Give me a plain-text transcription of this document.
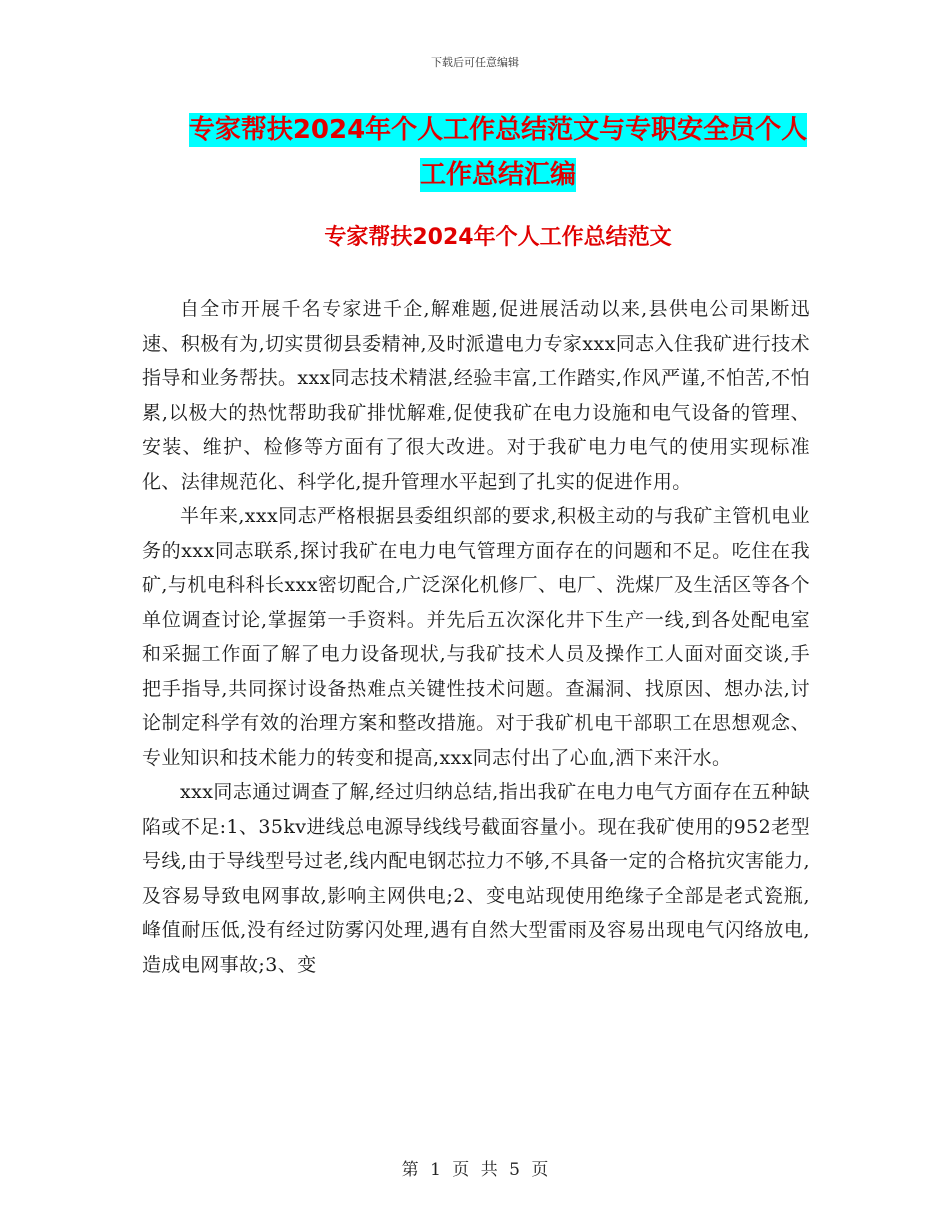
下载后可任意编辑
专家帮扶2024年个人工作总结范文与专职安全员个人
工作总结汇编
专家帮扶2024年个人工作总结范文

自全市开展千名专家进千企,解难题,促进展活动以来,县供电公司果断迅速、积极有为,切实贯彻县委精神,及时派遣电力专家xxx同志入住我矿进行技术指导和业务帮扶。xxx同志技术精湛,经验丰富,工作踏实,作风严谨,不怕苦,不怕累,以极大的热忱帮助我矿排忧解难,促使我矿在电力设施和电气设备的管理、安装、维护、检修等方面有了很大改进。对于我矿电力电气的使用实现标准化、法律规范化、科学化,提升管理水平起到了扎实的促进作用。

半年来,xxx同志严格根据县委组织部的要求,积极主动的与我矿主管机电业务的xxx同志联系,探讨我矿在电力电气管理方面存在的问题和不足。吃住在我矿,与机电科科长xxx密切配合,广泛深化机修厂、电厂、洗煤厂及生活区等各个单位调查讨论,掌握第一手资料。并先后五次深化井下生产一线,到各处配电室和采掘工作面了解了电力设备现状,与我矿技术人员及操作工人面对面交谈,手把手指导,共同探讨设备热难点关键性技术问题。查漏洞、找原因、想办法,讨论制定科学有效的治理方案和整改措施。对于我矿机电干部职工在思想观念、专业知识和技术能力的转变和提高,xxx同志付出了心血,洒下来汗水。

xxx同志通过调查了解,经过归纳总结,指出我矿在电力电气方面存在五种缺陷或不足:1、35kv进线总电源导线线号截面容量小。现在我矿使用的952老型号线,由于导线型号过老,线内配电钢芯拉力不够,不具备一定的合格抗灾害能力,及容易导致电网事故,影响主网供电;2、变电站现使用绝缘子全部是老式瓷瓶,峰值耐压低,没有经过防雾闪处理,遇有自然大型雷雨及容易出现电气闪络放电,造成电网事故;3、变

第 1 页 共 5 页
